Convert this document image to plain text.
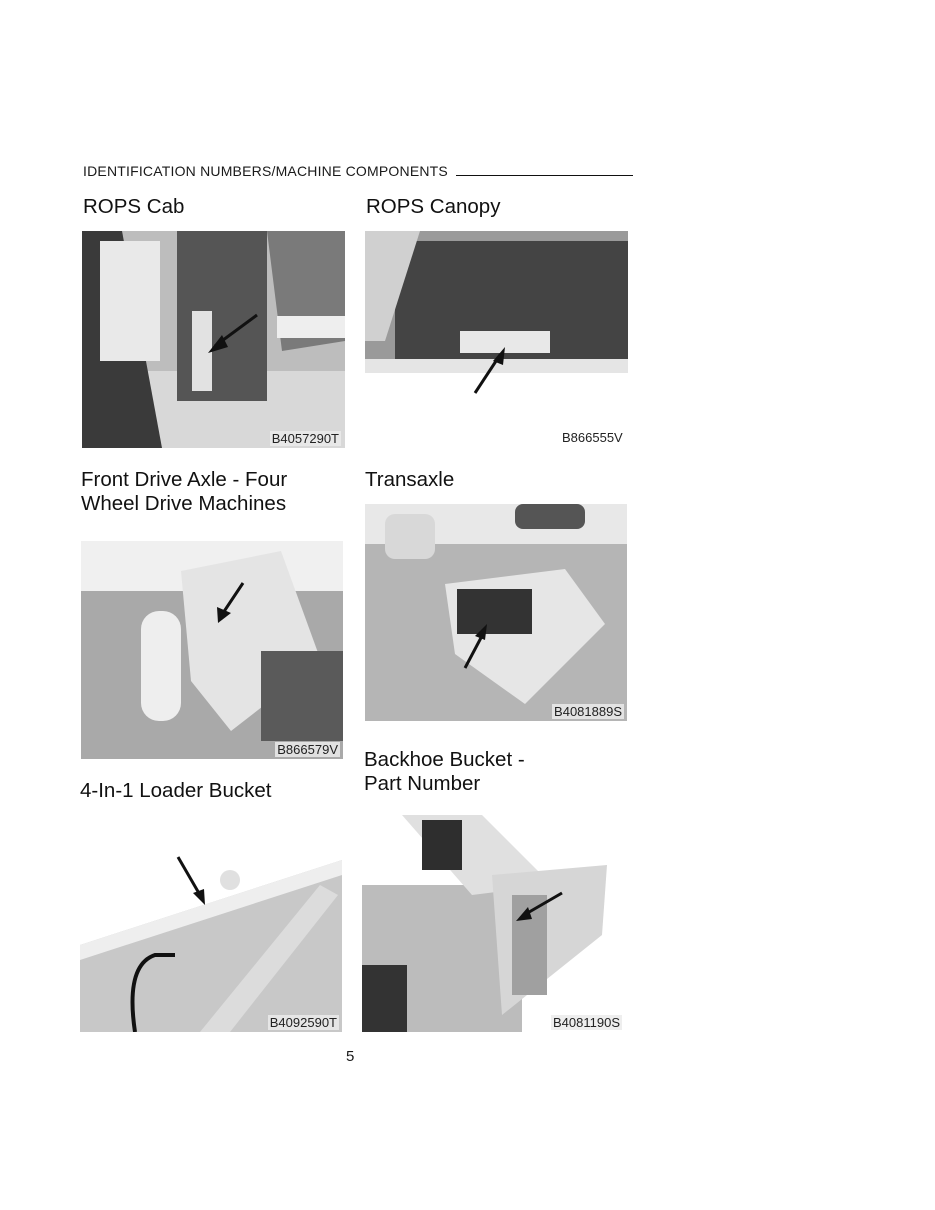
IDENTIFICATION NUMBERS/MACHINE COMPONENTS
ROPS Cab
B4057290T
ROPS Canopy
B866555V
Front Drive Axle - Four
Wheel Drive Machines
B866579V
Transaxle
B4081889S
4-In-1 Loader Bucket
B4092590T
Backhoe Bucket -
Part Number
B4081190S
5
